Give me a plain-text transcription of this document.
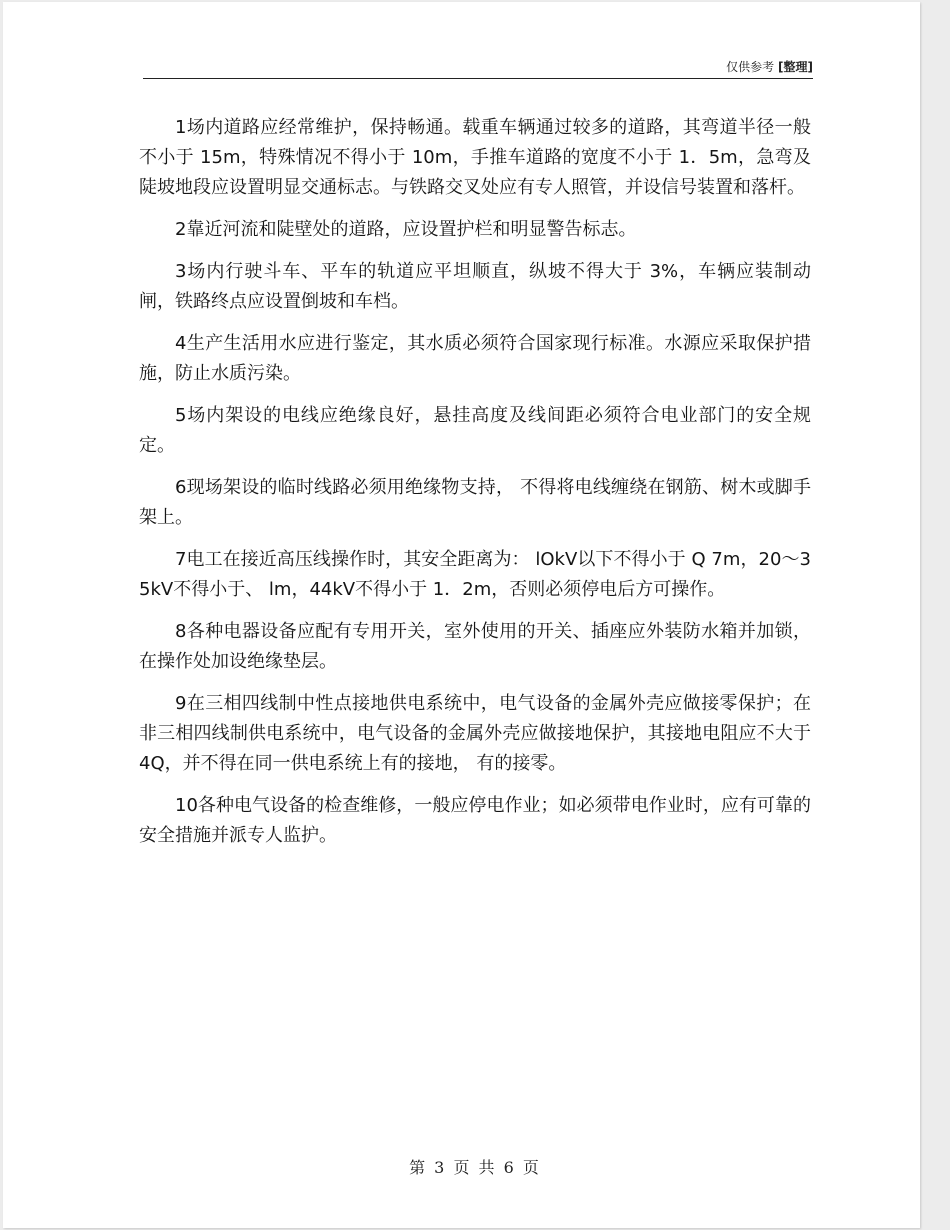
仅供参考 [整理]

1场内道路应经常维护，保持畅通。载重车辆通过较多的道路，其弯道半径一般不小于 15m，特殊情况不得小于 10m，手推车道路的宽度不小于 1．5m，急弯及陡坡地段应设置明显交通标志。与铁路交叉处应有专人照管，并设信号装置和落杆。

2靠近河流和陡壁处的道路，应设置护栏和明显警告标志。

3场内行驶斗车、平车的轨道应平坦顺直，纵坡不得大于 3%，车辆应装制动闸，铁路终点应设置倒坡和车档。

4生产生活用水应进行鉴定，其水质必须符合国家现行标准。水源应采取保护措施，防止水质污染。

5场内架设的电线应绝缘良好，悬挂高度及线间距必须符合电业部门的安全规定。

6现场架设的临时线路必须用绝缘物支持， 不得将电线缠绕在钢筋、树木或脚手架上。

7电工在接近高压线操作时，其安全距离为： lOkV以下不得小于 Q 7m，20～35kV不得小于、 lm，44kV不得小于 1．2m，否则必须停电后方可操作。

8各种电器设备应配有专用开关，室外使用的开关、插座应外装防水箱并加锁，在操作处加设绝缘垫层。

9在三相四线制中性点接地供电系统中，电气设备的金属外壳应做接零保护；在非三相四线制供电系统中，电气设备的金属外壳应做接地保护，其接地电阻应不大于 4Q，并不得在同一供电系统上有的接地， 有的接零。

10各种电气设备的检查维修，一般应停电作业；如必须带电作业时，应有可靠的安全措施并派专人监护。

第 3 页 共 6 页
